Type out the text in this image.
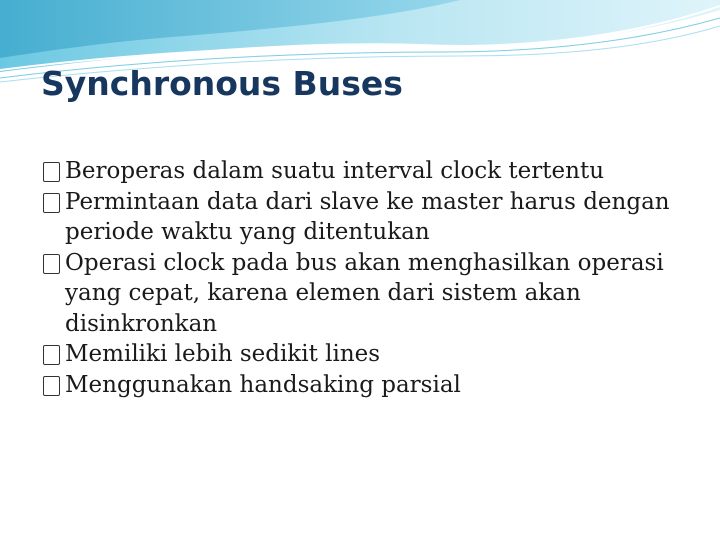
Synchronous Buses
Beroperas dalam suatu interval clock tertentu
Permintaan data dari slave ke master harus dengan periode waktu yang ditentukan
Operasi clock pada bus akan menghasilkan operasi yang cepat, karena elemen dari sistem akan disinkronkan
Memiliki lebih sedikit lines
Menggunakan handsaking parsial
